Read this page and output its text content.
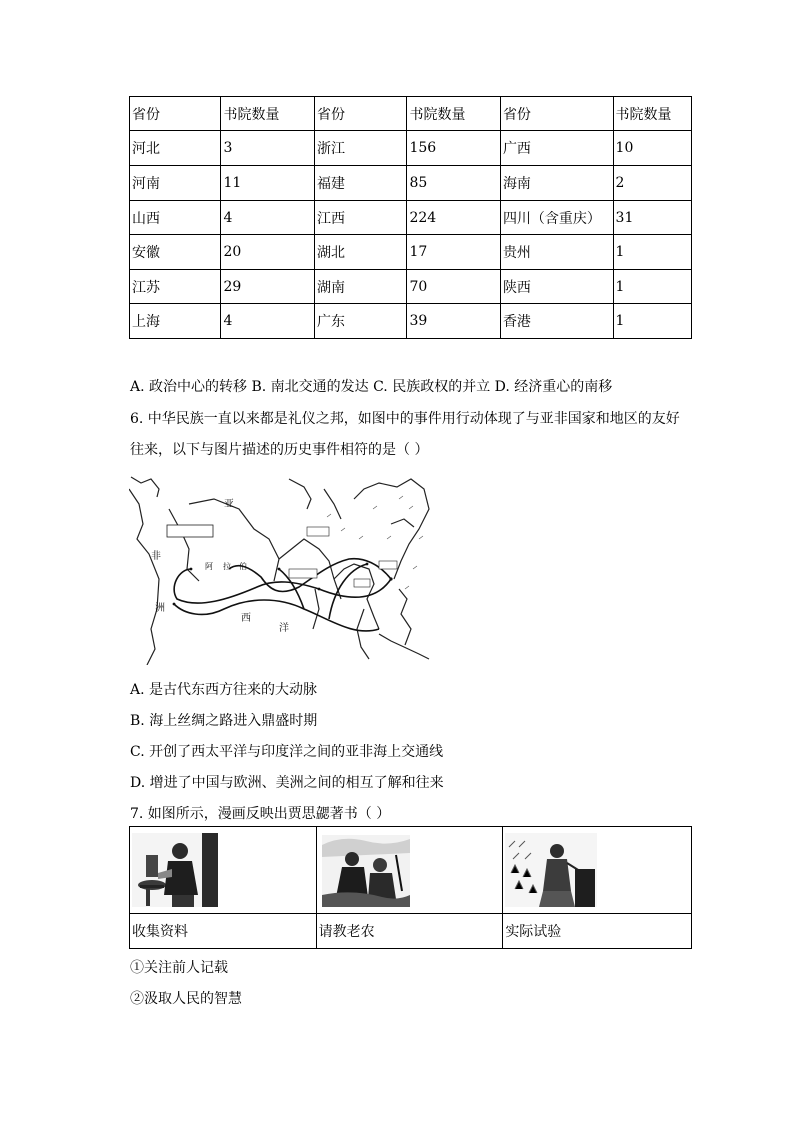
省份	书院数量	省份	书院数量	省份	书院数量
河北	3	浙江	156	广西	10
河南	11	福建	85	海南	2
山西	4	江西	224	四川（含重庆）	31
安徽	20	湖北	17	贵州	1
江苏	29	湖南	70	陕西	1
上海	4	广东	39	香港	1
A. 政治中心的转移 B. 南北交通的发达 C. 民族政权的并立 D. 经济重心的南移
6. 中华民族一直以来都是礼仪之邦，如图中的事件用行动体现了与亚非国家和地区的友好
往来，以下与图片描述的历史事件相符的是（ ）
亚
非
洲
西
洋
阿 拉 伯
A. 是古代东西方往来的大动脉
B. 海上丝绸之路进入鼎盛时期
C. 开创了西太平洋与印度洋之间的亚非海上交通线
D. 增进了中国与欧洲、美洲之间的相互了解和往来
7. 如图所示，漫画反映出贾思勰著书（ ）

收集资料	请教老农	实际试验
①关注前人记载
②汲取人民的智慧
